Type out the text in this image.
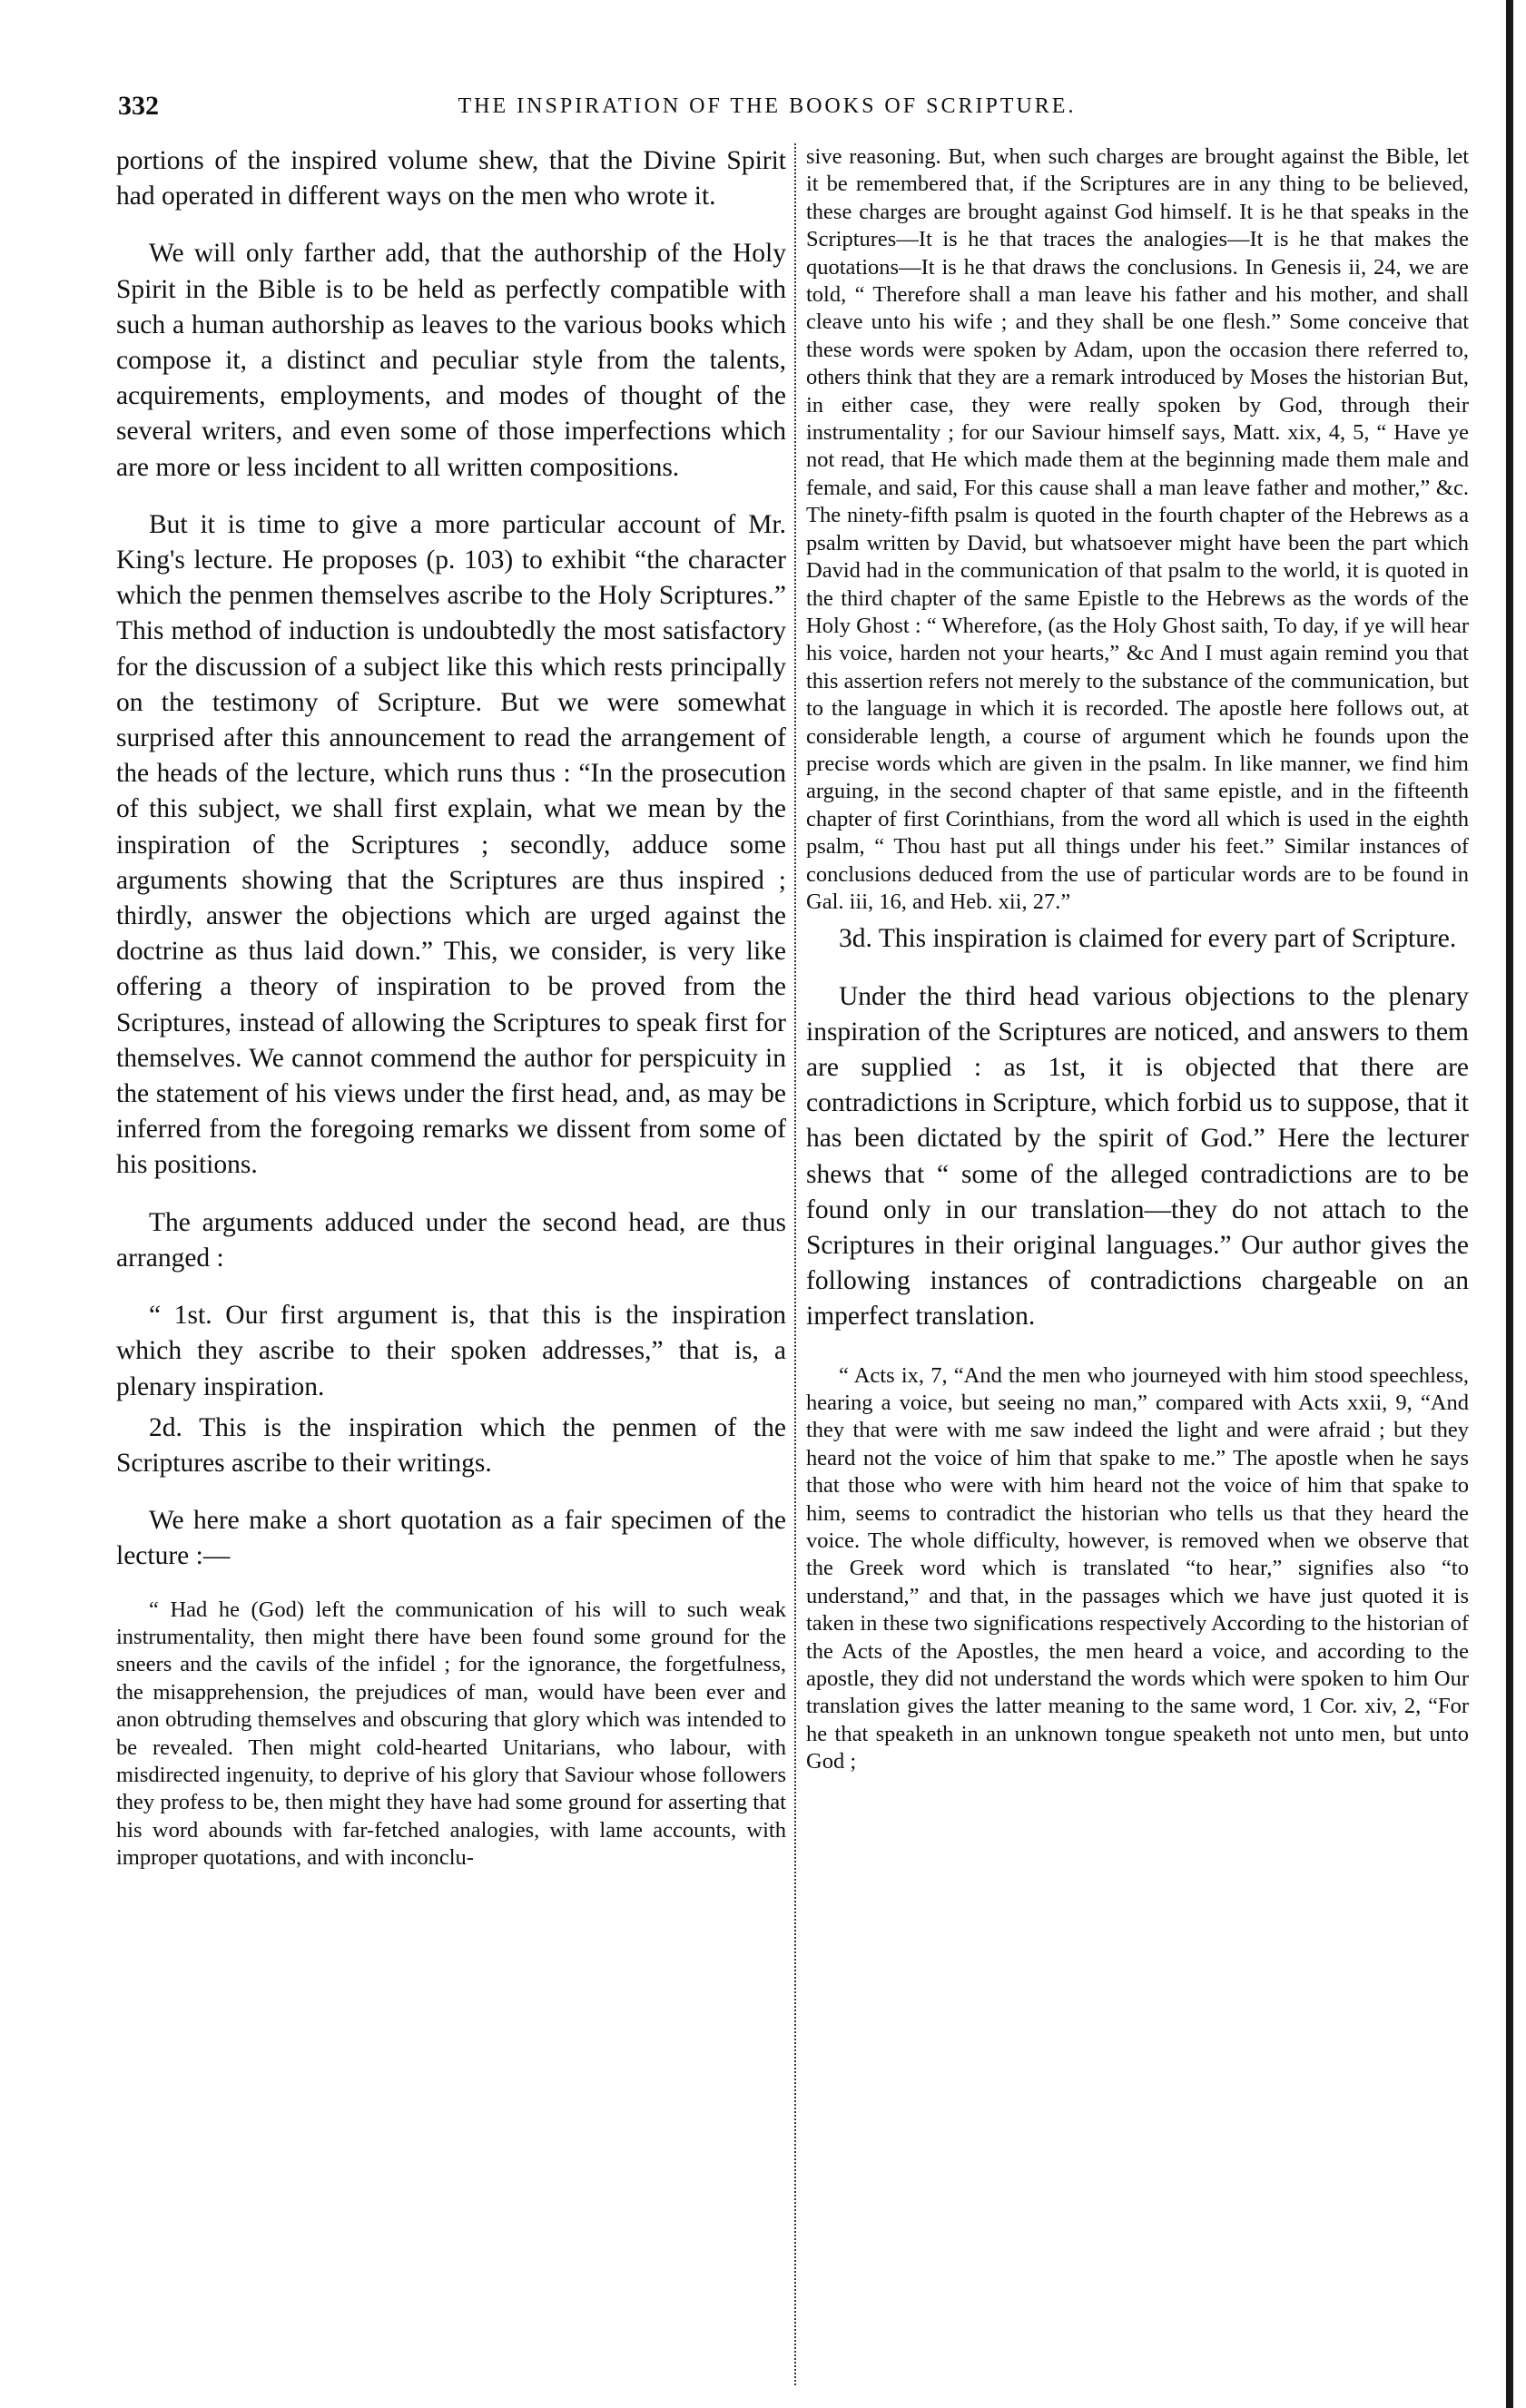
332	THE INSPIRATION OF THE BOOKS OF SCRIPTURE.

portions of the inspired volume shew, that the Divine Spirit had operated in different ways on the men who wrote it.

We will only farther add, that the authorship of the Holy Spirit in the Bible is to be held as perfectly compatible with such a human authorship as leaves to the various books which compose it, a distinct and peculiar style from the talents, acquirements, employments, and modes of thought of the several writers, and even some of those imperfections which are more or less incident to all written compositions.

But it is time to give a more particular account of Mr. King's lecture. He proposes (p. 103) to exhibit “the character which the penmen themselves ascribe to the Holy Scriptures.” This method of induction is undoubtedly the most satisfactory for the discussion of a subject like this which rests principally on the testimony of Scripture. But we were somewhat surprised after this announcement to read the arrangement of the heads of the lecture, which runs thus : “In the prosecution of this subject, we shall first explain, what we mean by the inspiration of the Scriptures ; secondly, adduce some arguments showing that the Scriptures are thus inspired ; thirdly, answer the objections which are urged against the doctrine as thus laid down.” This, we consider, is very like offering a theory of inspiration to be proved from the Scriptures, instead of allowing the Scriptures to speak first for themselves. We cannot commend the author for perspicuity in the statement of his views under the first head, and, as may be inferred from the foregoing remarks we dissent from some of his positions.

The arguments adduced under the second head, are thus arranged :

“ 1st. Our first argument is, that this is the inspiration which they ascribe to their spoken addresses,” that is, a plenary inspiration.

2d. This is the inspiration which the penmen of the Scriptures ascribe to their writings.

We here make a short quotation as a fair specimen of the lecture :—

“ Had he (God) left the communication of his will to such weak instrumentality, then might there have been found some ground for the sneers and the cavils of the infidel ; for the ignorance, the forgetfulness, the misapprehension, the prejudices of man, would have been ever and anon obtruding themselves and obscuring that glory which was intended to be revealed. Then might cold-hearted Unitarians, who labour, with misdirected ingenuity, to deprive of his glory that Saviour whose followers they profess to be, then might they have had some ground for asserting that his word abounds with far-fetched analogies, with lame accounts, with improper quotations, and with inconclu-

sive reasoning. But, when such charges are brought against the Bible, let it be remembered that, if the Scriptures are in any thing to be believed, these charges are brought against God himself. It is he that speaks in the Scriptures—It is he that traces the analogies—It is he that makes the quotations—It is he that draws the conclusions. In Genesis ii, 24, we are told, “ Therefore shall a man leave his father and his mother, and shall cleave unto his wife ; and they shall be one flesh.” Some conceive that these words were spoken by Adam, upon the occasion there referred to, others think that they are a remark introduced by Moses the historian But, in either case, they were really spoken by God, through their instrumentality ; for our Saviour himself says, Matt. xix, 4, 5, “ Have ye not read, that He which made them at the beginning made them male and female, and said, For this cause shall a man leave father and mother,” &c. The ninety-fifth psalm is quoted in the fourth chapter of the Hebrews as a psalm written by David, but whatsoever might have been the part which David had in the communication of that psalm to the world, it is quoted in the third chapter of the same Epistle to the Hebrews as the words of the Holy Ghost : “ Wherefore, (as the Holy Ghost saith, To day, if ye will hear his voice, harden not your hearts,” &c And I must again remind you that this assertion refers not merely to the substance of the communication, but to the language in which it is recorded. The apostle here follows out, at considerable length, a course of argument which he founds upon the precise words which are given in the psalm. In like manner, we find him arguing, in the second chapter of that same epistle, and in the fifteenth chapter of first Corinthians, from the word all which is used in the eighth psalm, “ Thou hast put all things under his feet.” Similar instances of conclusions deduced from the use of particular words are to be found in Gal. iii, 16, and Heb. xii, 27.”

3d. This inspiration is claimed for every part of Scripture.

Under the third head various objections to the plenary inspiration of the Scriptures are noticed, and answers to them are supplied : as 1st, it is objected that there are contradictions in Scripture, which forbid us to suppose, that it has been dictated by the spirit of God.” Here the lecturer shews that “ some of the alleged contradictions are to be found only in our translation—they do not attach to the Scriptures in their original languages.” Our author gives the following instances of contradictions chargeable on an imperfect translation.

“ Acts ix, 7, “And the men who journeyed with him stood speechless, hearing a voice, but seeing no man,” compared with Acts xxii, 9, “And they that were with me saw indeed the light and were afraid ; but they heard not the voice of him that spake to me.” The apostle when he says that those who were with him heard not the voice of him that spake to him, seems to contradict the historian who tells us that they heard the voice. The whole difficulty, however, is removed when we observe that the Greek word which is translated “to hear,” signifies also “to understand,” and that, in the passages which we have just quoted it is taken in these two significations respectively According to the historian of the Acts of the Apostles, the men heard a voice, and according to the apostle, they did not understand the words which were spoken to him Our translation gives the latter meaning to the same word, 1 Cor. xiv, 2, “For he that speaketh in an unknown tongue speaketh not unto men, but unto God ;
